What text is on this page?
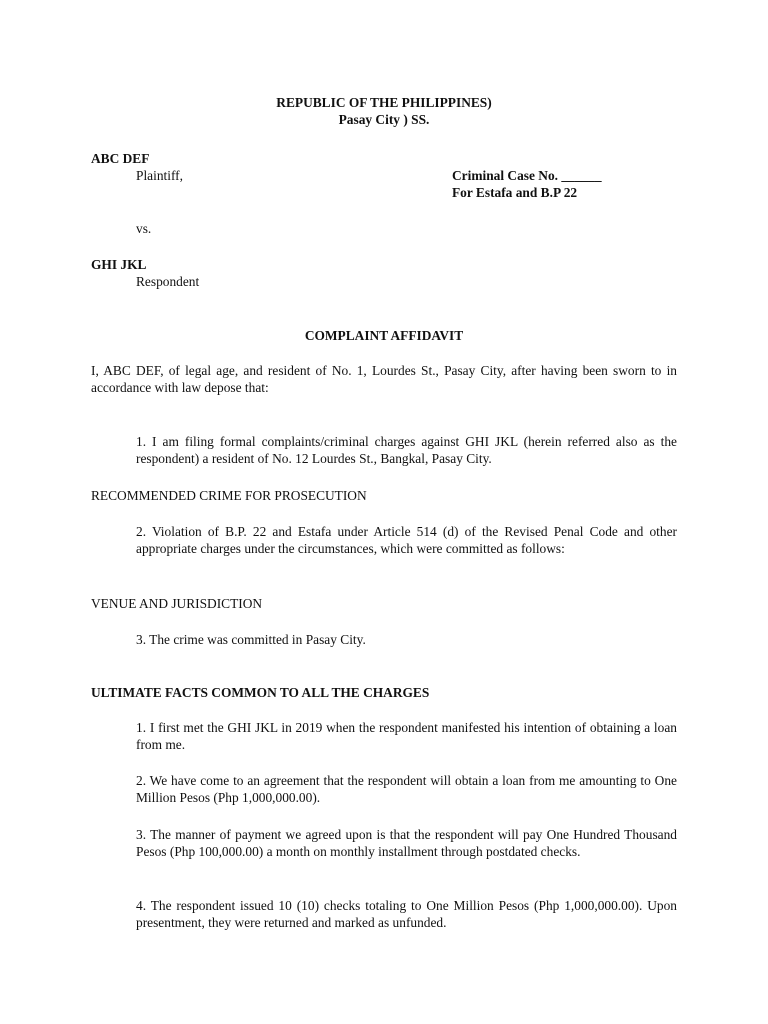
REPUBLIC OF THE PHILIPPINES)
Pasay City ) SS.
ABC DEF
Plaintiff,	Criminal Case No. ______
For Estafa and B.P 22
vs.
GHI JKL
Respondent
COMPLAINT AFFIDAVIT
I, ABC DEF, of legal age, and resident of No. 1, Lourdes St., Pasay City, after having been sworn to in accordance with law depose that:
1. I am filing formal complaints/criminal charges against GHI JKL (herein referred also as the respondent) a resident of No. 12 Lourdes St., Bangkal, Pasay City.
RECOMMENDED CRIME FOR PROSECUTION
2. Violation of B.P. 22 and Estafa under Article 514 (d) of the Revised Penal Code and other appropriate charges under the circumstances, which were committed as follows:
VENUE AND JURISDICTION
3. The crime was committed in Pasay City.
ULTIMATE FACTS COMMON TO ALL THE CHARGES
1. I first met the GHI JKL in 2019 when the respondent manifested his intention of obtaining a loan from me.
2. We have come to an agreement that the respondent will obtain a loan from me amounting to One Million Pesos (Php 1,000,000.00).
3. The manner of payment we agreed upon is that the respondent will pay One Hundred Thousand Pesos (Php 100,000.00) a month on monthly installment through postdated checks.
4. The respondent issued 10 (10) checks totaling to One Million Pesos (Php 1,000,000.00). Upon presentment, they were returned and marked as unfunded.
